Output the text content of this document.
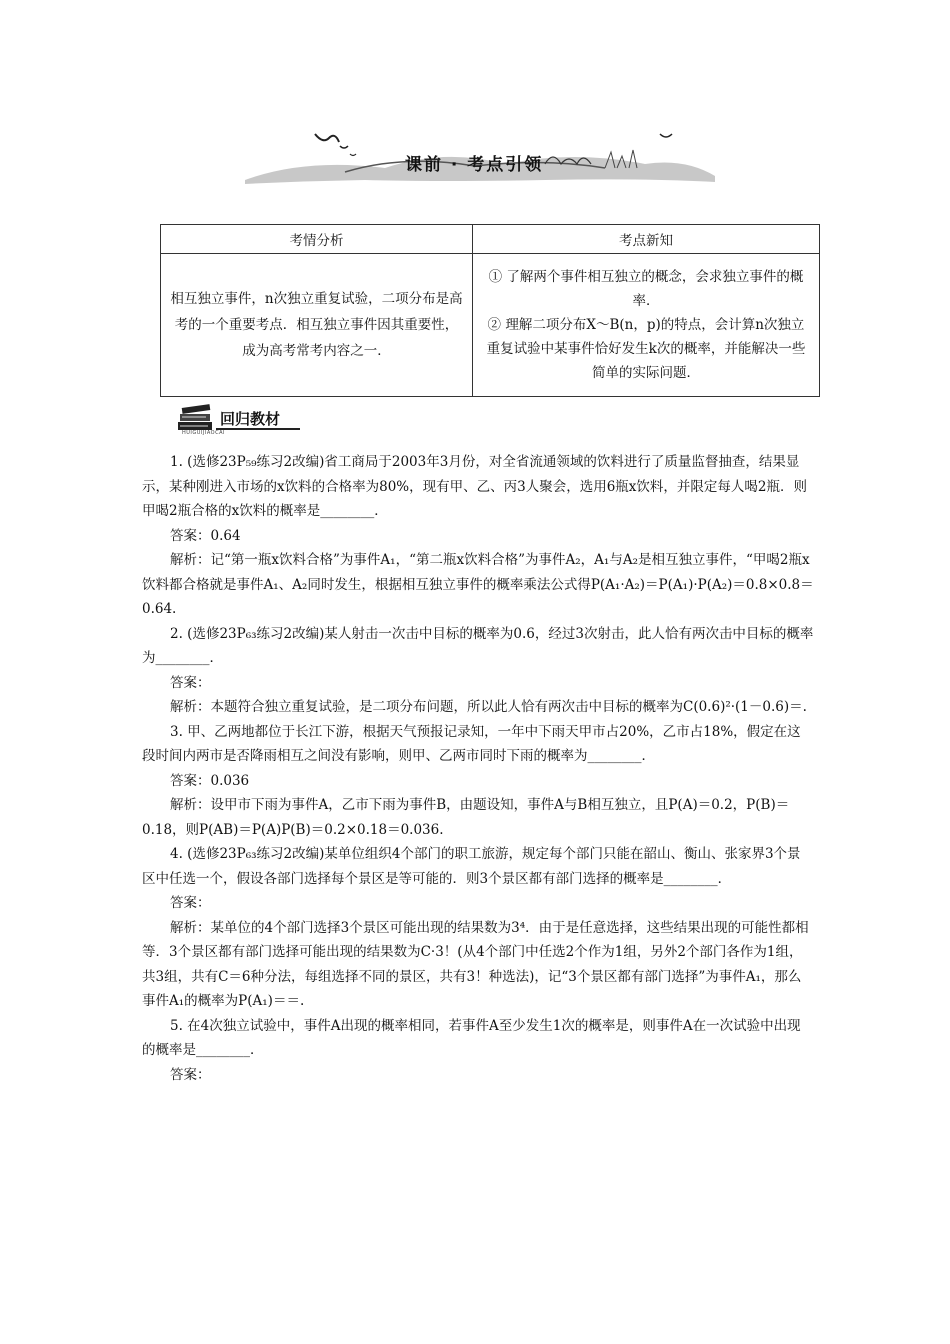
课前 · 考点引领
考情分析	考点新知
相互独立事件，n次独立重复试验，二项分布是高考的一个重要考点．相互独立事件因其重要性，成为高考常考内容之一．	① 了解两个事件相互独立的概念，会求独立事件的概率．
② 理解二项分布X～B(n，p)的特点，会计算n次独立重复试验中某事件恰好发生k次的概率，并能解决一些简单的实际问题．
回归教材
HUIGUIJIAOCAI

1. (选修23P₅₉练习2改编)省工商局于2003年3月份，对全省流通领域的饮料进行了质量监督抽查，结果显示，某种刚进入市场的x饮料的合格率为80%，现有甲、乙、丙3人聚会，选用6瓶x饮料，并限定每人喝2瓶．则甲喝2瓶合格的x饮料的概率是________．

答案：0.64

解析：记“第一瓶x饮料合格”为事件A₁，“第二瓶x饮料合格”为事件A₂，A₁与A₂是相互独立事件，“甲喝2瓶x饮料都合格就是事件A₁、A₂同时发生，根据相互独立事件的概率乘法公式得P(A₁·A₂)＝P(A₁)·P(A₂)＝0.8×0.8＝0.64.

2. (选修23P₆₃练习2改编)某人射击一次击中目标的概率为0.6，经过3次射击，此人恰有两次击中目标的概率为________．

答案：

解析：本题符合独立重复试验，是二项分布问题，所以此人恰有两次击中目标的概率为C(0.6)²·(1－0.6)＝.

3. 甲、乙两地都位于长江下游，根据天气预报记录知，一年中下雨天甲市占20%，乙市占18%，假定在这段时间内两市是否降雨相互之间没有影响，则甲、乙两市同时下雨的概率为________．

答案：0.036

解析：设甲市下雨为事件A，乙市下雨为事件B，由题设知，事件A与B相互独立，且P(A)＝0.2，P(B)＝0.18，则P(AB)＝P(A)P(B)＝0.2×0.18＝0.036.

4. (选修23P₆₃练习2改编)某单位组织4个部门的职工旅游，规定每个部门只能在韶山、衡山、张家界3个景区中任选一个，假设各部门选择每个景区是等可能的．则3个景区都有部门选择的概率是________．

答案：

解析：某单位的4个部门选择3个景区可能出现的结果数为3⁴．由于是任意选择，这些结果出现的可能性都相等．3个景区都有部门选择可能出现的结果数为C·3！(从4个部门中任选2个作为1组，另外2个部门各作为1组，共3组，共有C＝6种分法，每组选择不同的景区，共有3！种选法)，记“3个景区都有部门选择”为事件A₁，那么事件A₁的概率为P(A₁)＝＝.

5. 在4次独立试验中，事件A出现的概率相同，若事件A至少发生1次的概率是，则事件A在一次试验中出现的概率是________．

答案：
